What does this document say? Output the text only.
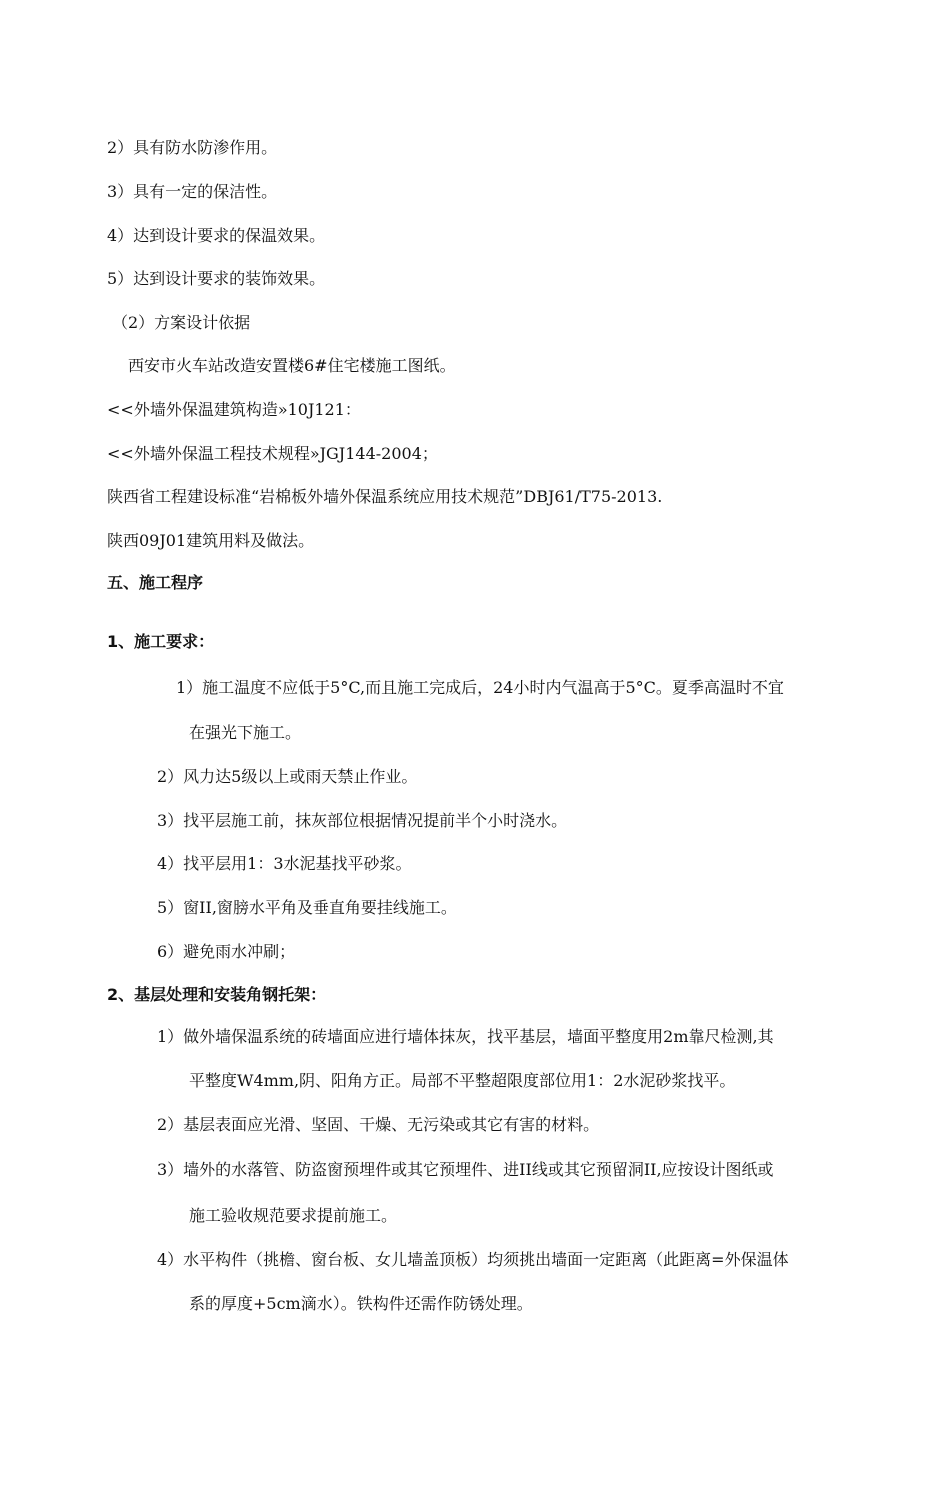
2）具有防水防渗作用。
3）具有一定的保洁性。
4）达到设计要求的保温效果。
5）达到设计要求的装饰效果。
（2）方案设计依据
西安市火车站改造安置楼6#住宅楼施工图纸。
<<外墙外保温建筑构造»10J121：
<<外墙外保温工程技术规程»JGJ144-2004；
陕西省工程建设标准“岩棉板外墙外保温系统应用技术规范”DBJ61/T75-2013.
陕西09J01建筑用料及做法。
五、施工程序
1、施工要求：
1）施工温度不应低于5°C,而且施工完成后，24小时内气温高于5°C。夏季高温时不宜
在强光下施工。
2）风力达5级以上或雨天禁止作业。
3）找平层施工前，抹灰部位根据情况提前半个小时浇水。
4）找平层用1：3水泥基找平砂浆。
5）窗II,窗膀水平角及垂直角要挂线施工。
6）避免雨水冲刷；
2、基层处理和安装角钢托架：
1）做外墙保温系统的砖墙面应进行墙体抹灰，找平基层，墙面平整度用2m靠尺检测,其
平整度W4mm,阴、阳角方正。局部不平整超限度部位用1：2水泥砂浆找平。
2）基层表面应光滑、坚固、干燥、无污染或其它有害的材料。
3）墙外的水落管、防盗窗预埋件或其它预埋件、进II线或其它预留洞II,应按设计图纸或
施工验收规范要求提前施工。
4）水平构件（挑檐、窗台板、女儿墙盖顶板）均须挑出墙面一定距离（此距离=外保温体
系的厚度+5cm滴水）。铁构件还需作防锈处理。
